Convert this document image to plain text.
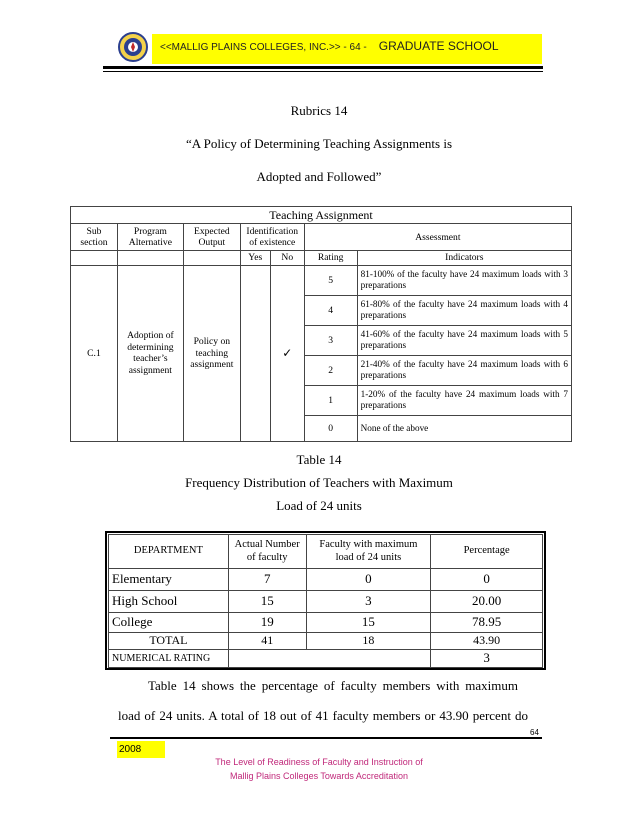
<<MALLIG PLAINS COLLEGES, INC.>> - 64 - GRADUATE SCHOOL
Rubrics 14
“A Policy of Determining Teaching Assignments is
Adopted and Followed”
Teaching Assignment						
Sub section	Program Alternative	Expected Output	Identification of existence		Assessment	
			Yes	No	Rating	Indicators
C.1	Adoption of determining teacher’s assignment	Policy on teaching assignment		✓	5	81-100% of the faculty have 24 maximum loads with 3 preparations
					4	61-80% of the faculty have 24 maximum loads with 4 preparations
					3	41-60% of the faculty have 24 maximum loads with 5 preparations
					2	21-40% of the faculty have 24 maximum loads with 6 preparations
					1	1-20% of the faculty have 24 maximum loads with 7 preparations
					0	None of the above
Table 14
Frequency Distribution of Teachers with Maximum
Load of 24 units
DEPARTMENT	Actual Number of faculty	Faculty with maximum load of 24 units	Percentage
Elementary	7	0	0
High School	15	3	20.00
College	19	15	78.95
TOTAL	41	18	43.90
NUMERICAL RATING			3
Table 14 shows the percentage of faculty members with maximum
load of 24 units. A total of 18 out of 41 faculty members or 43.90 percent do
64
2008
The Level of Readiness of Faculty and Instruction of
Mallig Plains Colleges Towards Accreditation
